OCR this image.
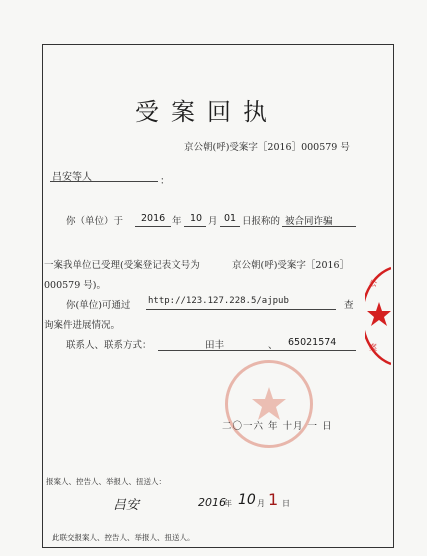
受案回执
京公朝(呼)受案字［2016］000579 号
吕安等人	：
你（单位）于 2016 年 10 月 01 日报称的 被合同诈骗
一案我单位已受理(受案登记表文号为	京公朝(呼)受案字［2016］
000579 号)。
你(单位)可通过 http://123.127.228.5/ajpub	查
询案件进展情况。
联系人、联系方式：	田丰	、 65021574
二〇一六 年 十月 一 日
报案人、控告人、举报人、扭送人：
吕安	2016
年 10 月 1 日
此联交报案人、控告人、举报人、扭送人。
公
案
